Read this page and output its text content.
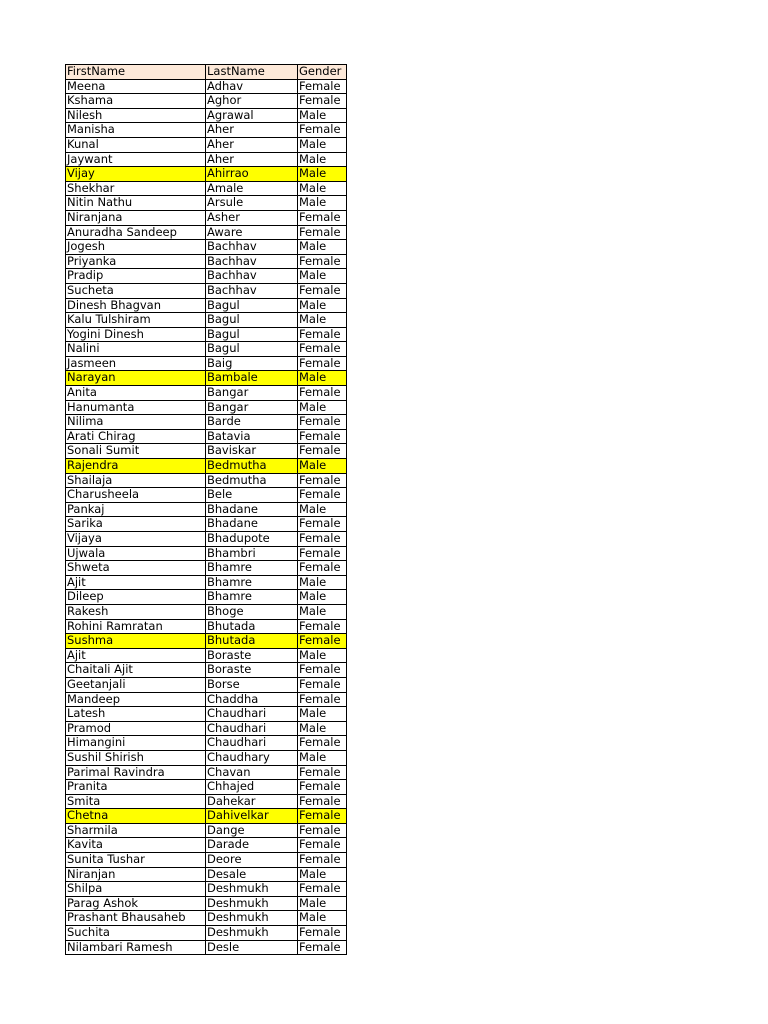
FirstName	LastName	Gender
Meena	Adhav	Female
Kshama	Aghor	Female
Nilesh	Agrawal	Male
Manisha	Aher	Female
Kunal	Aher	Male
Jaywant	Aher	Male
Vijay	Ahirrao	Male
Shekhar	Amale	Male
Nitin Nathu	Arsule	Male
Niranjana	Asher	Female
Anuradha Sandeep	Aware	Female
Jogesh	Bachhav	Male
Priyanka	Bachhav	Female
Pradip	Bachhav	Male
Sucheta	Bachhav	Female
Dinesh Bhagvan	Bagul	Male
Kalu Tulshiram	Bagul	Male
Yogini Dinesh	Bagul	Female
Nalini	Bagul	Female
Jasmeen	Baig	Female
Narayan	Bambale	Male
Anita	Bangar	Female
Hanumanta	Bangar	Male
Nilima	Barde	Female
Arati Chirag	Batavia	Female
Sonali Sumit	Baviskar	Female
Rajendra	Bedmutha	Male
Shailaja	Bedmutha	Female
Charusheela	Bele	Female
Pankaj	Bhadane	Male
Sarika	Bhadane	Female
Vijaya	Bhadupote	Female
Ujwala	Bhambri	Female
Shweta	Bhamre	Female
Ajit	Bhamre	Male
Dileep	Bhamre	Male
Rakesh	Bhoge	Male
Rohini Ramratan	Bhutada	Female
Sushma	Bhutada	Female
Ajit	Boraste	Male
Chaitali Ajit	Boraste	Female
Geetanjali	Borse	Female
Mandeep	Chaddha	Female
Latesh	Chaudhari	Male
Pramod	Chaudhari	Male
Himangini	Chaudhari	Female
Sushil Shirish	Chaudhary	Male
Parimal Ravindra	Chavan	Female
Pranita	Chhajed	Female
Smita	Dahekar	Female
Chetna	Dahivelkar	Female
Sharmila	Dange	Female
Kavita	Darade	Female
Sunita Tushar	Deore	Female
Niranjan	Desale	Male
Shilpa	Deshmukh	Female
Parag Ashok	Deshmukh	Male
Prashant Bhausaheb	Deshmukh	Male
Suchita	Deshmukh	Female
Nilambari Ramesh	Desle	Female
